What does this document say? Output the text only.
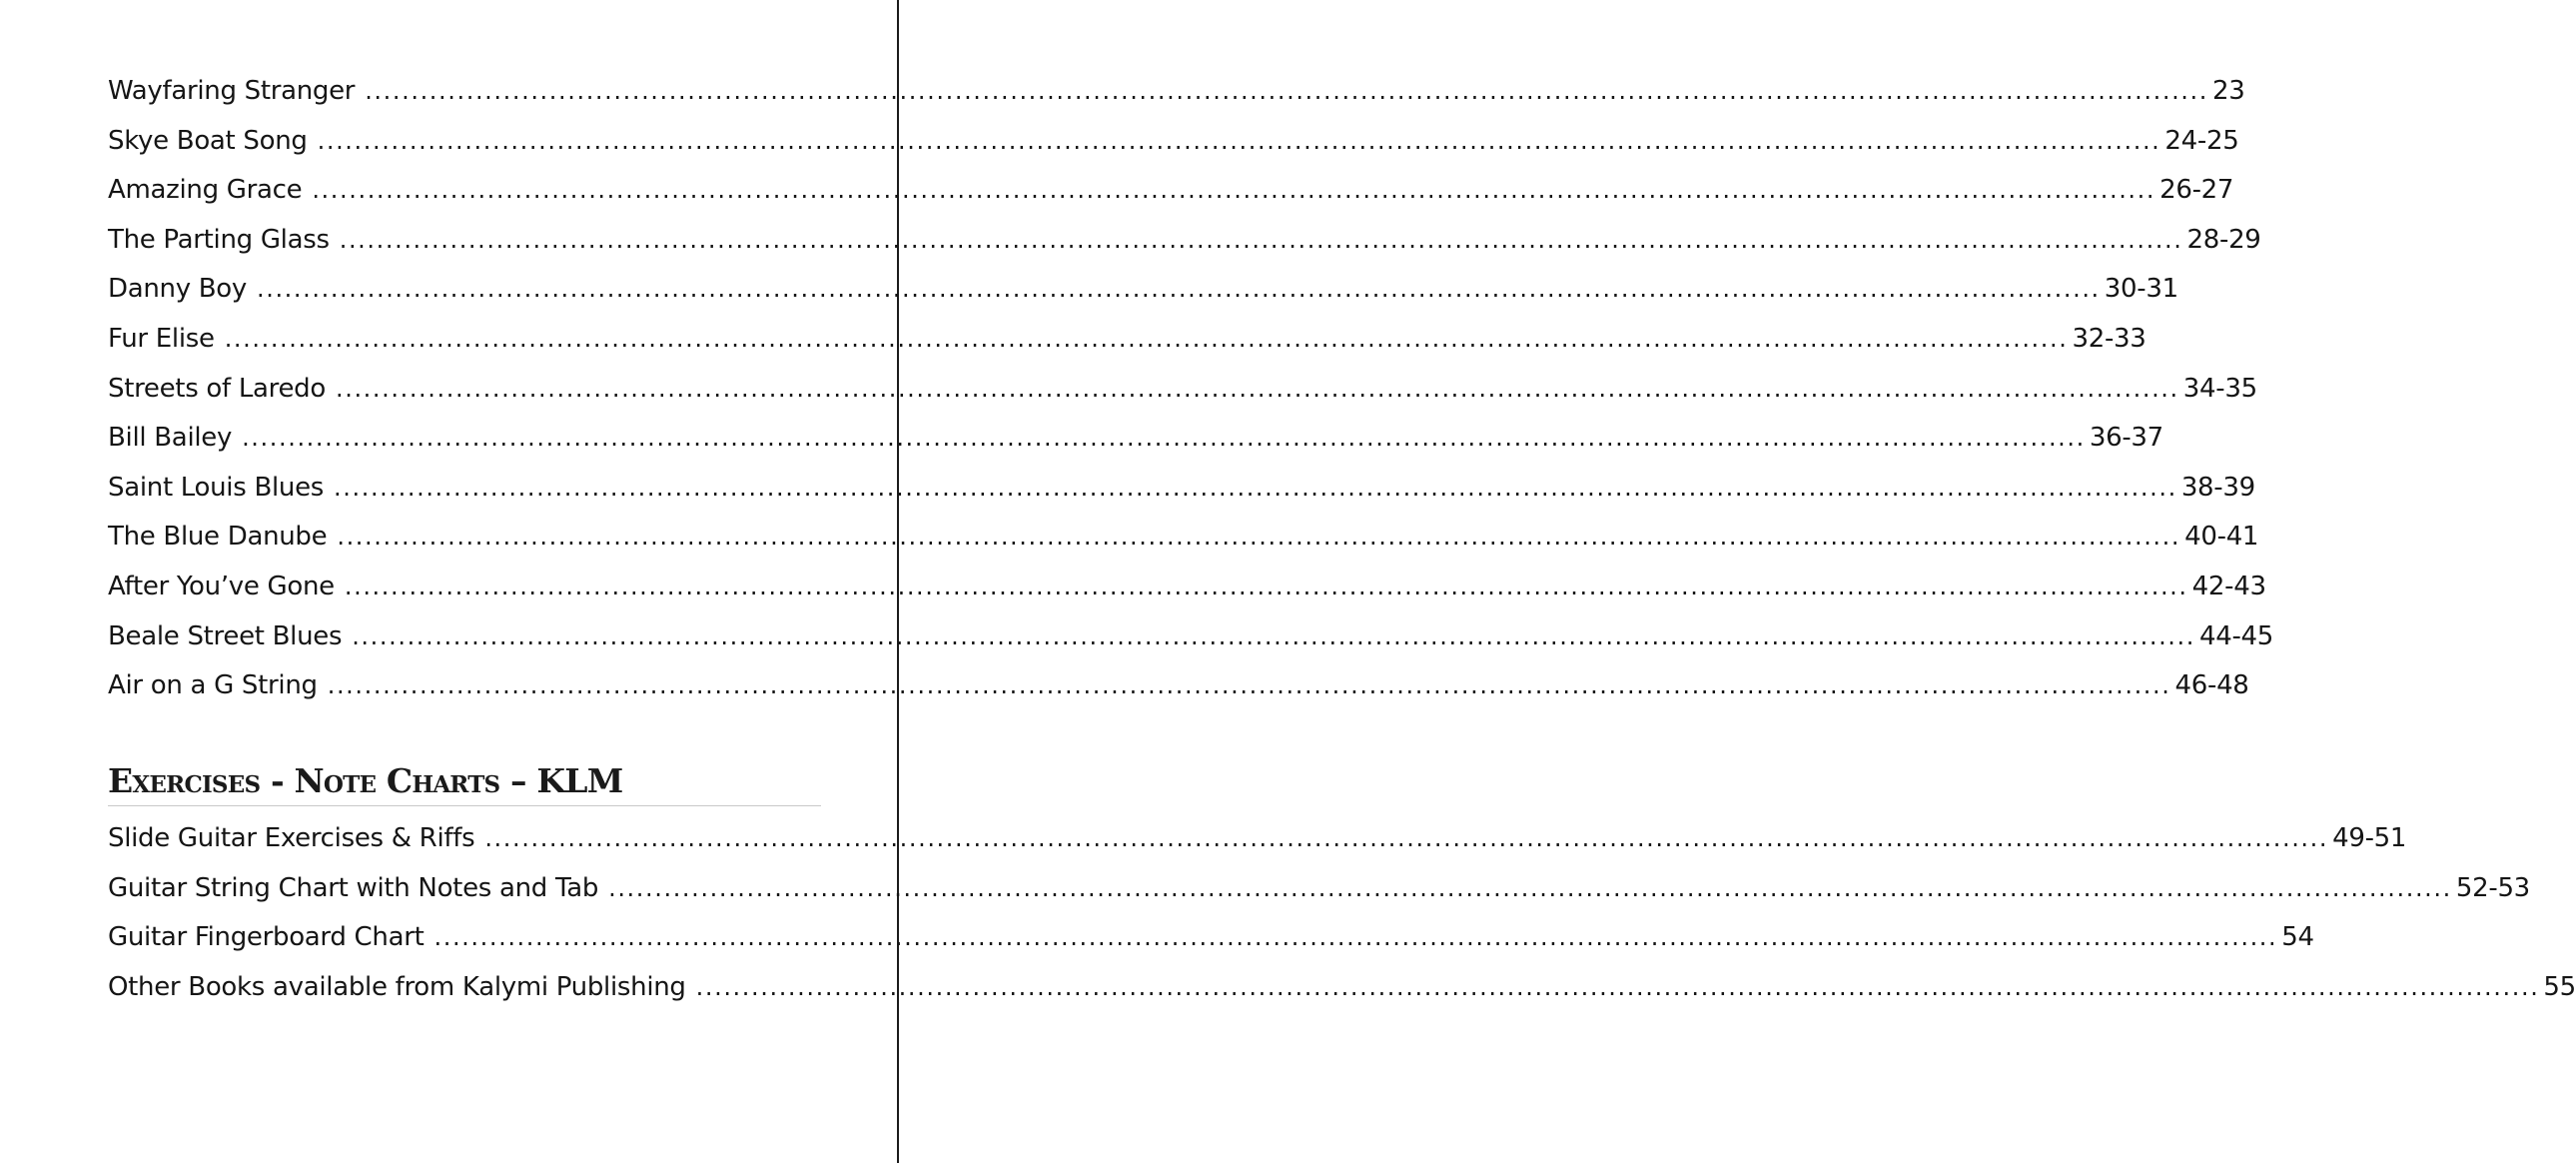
Wayfaring Stranger ........................................................................................................................................................................................................ 23
Skye Boat Song ........................................................................................................................................................................................................ 24-25
Amazing Grace ........................................................................................................................................................................................................ 26-27
The Parting Glass ........................................................................................................................................................................................................ 28-29
Danny Boy ........................................................................................................................................................................................................ 30-31
Fur Elise ........................................................................................................................................................................................................ 32-33
Streets of Laredo ........................................................................................................................................................................................................ 34-35
Bill Bailey ........................................................................................................................................................................................................ 36-37
Saint Louis Blues ........................................................................................................................................................................................................ 38-39
The Blue Danube ........................................................................................................................................................................................................ 40-41
After You’ve Gone ........................................................................................................................................................................................................ 42-43
Beale Street Blues ........................................................................................................................................................................................................ 44-45
Air on a G String ........................................................................................................................................................................................................ 46-48
Exercises - Note Charts – KLM
Slide Guitar Exercises & Riffs ........................................................................................................................................................................................................ 49-51
Guitar String Chart with Notes and Tab ........................................................................................................................................................................................................ 52-53
Guitar Fingerboard Chart ........................................................................................................................................................................................................ 54
Other Books available from Kalymi Publishing ........................................................................................................................................................................................................ 55
